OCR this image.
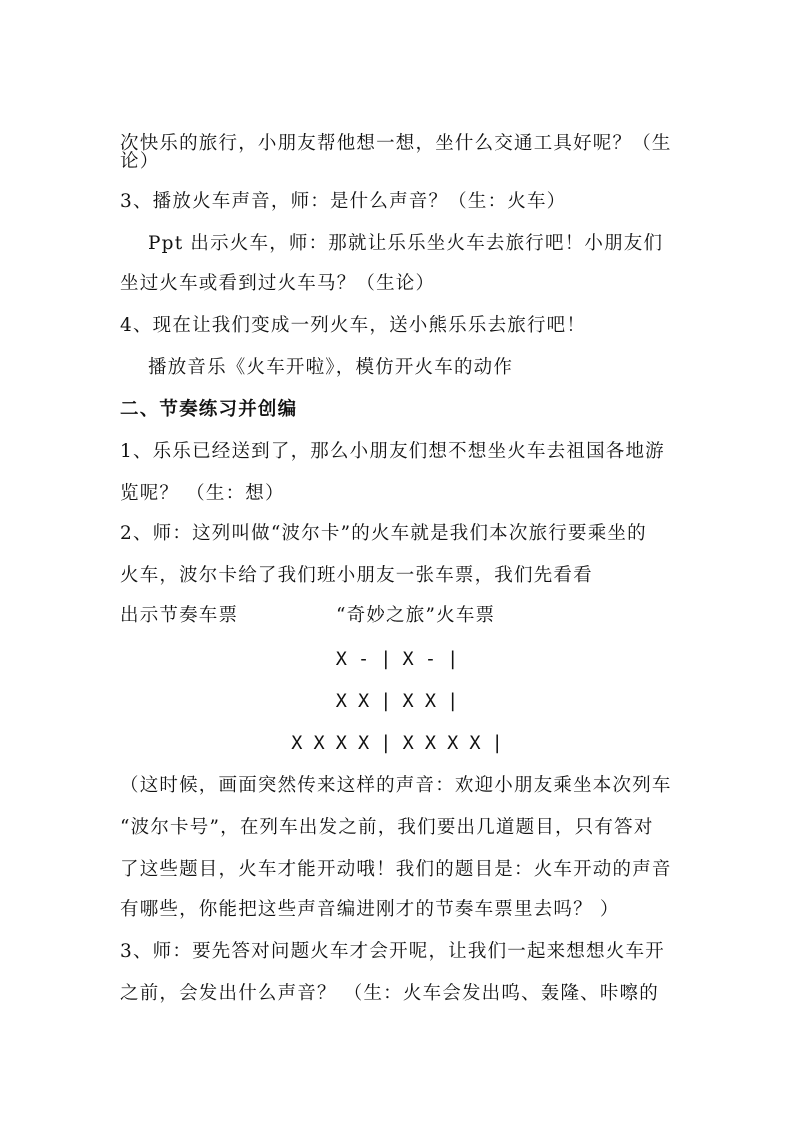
次快乐的旅行，小朋友帮他想一想，坐什么交通工具好呢？（生
论）
3、播放火车声音，师：是什么声音？（生：火车）
Ppt 出示火车，师：那就让乐乐坐火车去旅行吧！小朋友们
坐过火车或看到过火车马？（生论）
4、现在让我们变成一列火车，送小熊乐乐去旅行吧！
播放音乐《火车开啦》，模仿开火车的动作
二、节奏练习并创编
1、乐乐已经送到了，那么小朋友们想不想坐火车去祖国各地游
览呢？ （生：想）
2、师：这列叫做“波尔卡”的火车就是我们本次旅行要乘坐的
火车，波尔卡给了我们班小朋友一张车票，我们先看看
出示节奏车票	“奇妙之旅”火车票
X - | X - |
X X | X X |
X X X X | X X X X |
（这时候，画面突然传来这样的声音：欢迎小朋友乘坐本次列车
“波尔卡号”，在列车出发之前，我们要出几道题目，只有答对
了这些题目，火车才能开动哦！我们的题目是：火车开动的声音
有哪些，你能把这些声音编进刚才的节奏车票里去吗？ ）
3、师：要先答对问题火车才会开呢，让我们一起来想想火车开
之前，会发出什么声音？ （生：火车会发出呜、轰隆、咔嚓的
